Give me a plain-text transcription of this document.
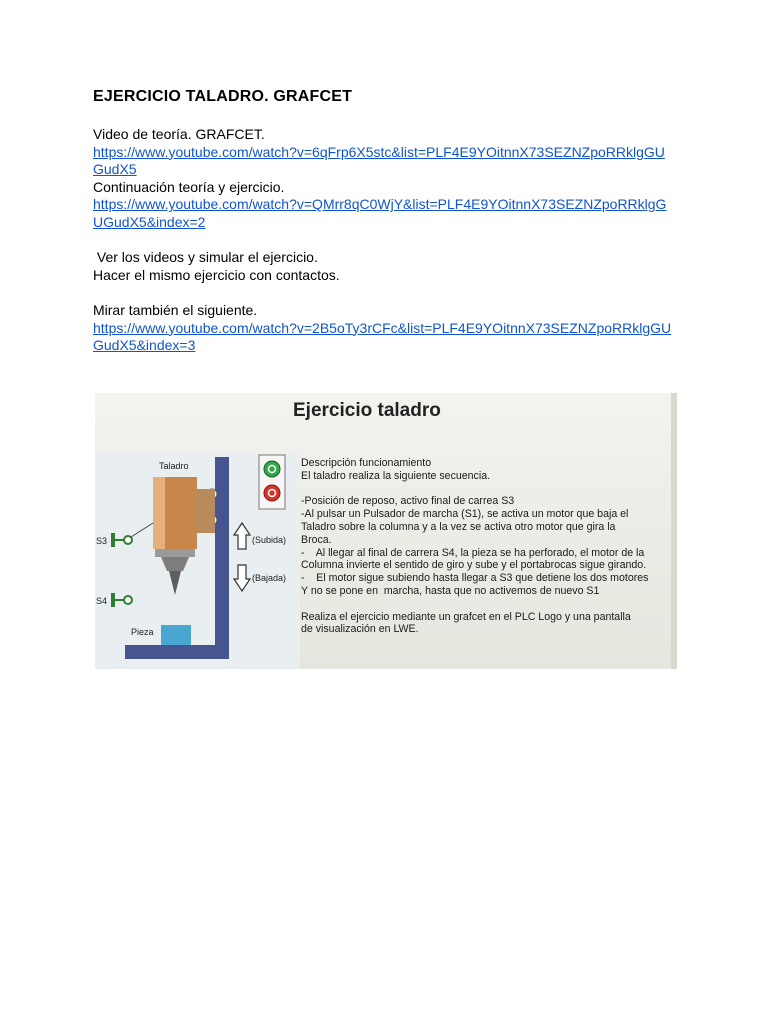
EJERCICIO TALADRO. GRAFCET

Video de teoría. GRAFCET.

https://www.youtube.com/watch?v=6qFrp6X5stc&list=PLF4E9YOitnnX73SEZNZpoRRklgGUGudX5

Continuación teoría y ejercicio.

https://www.youtube.com/watch?v=QMrr8qC0WjY&list=PLF4E9YOitnnX73SEZNZpoRRklgGUGudX5&index=2

Ver los videos y simular el ejercicio.

Hacer el mismo ejercicio con contactos.

Mirar también el siguiente.

https://www.youtube.com/watch?v=2B5oTy3rCFc&list=PLF4E9YOitnnX73SEZNZpoRRklgGUGudX5&index=3
Ejercicio taladro
Taladro
S3
S4
(Subida)
(Bajada)
Pieza
Descripción funcionamiento
El taladro realiza la siguiente secuencia.
-Posición de reposo, activo final de carrea S3
-Al pulsar un Pulsador de marcha (S1), se activa un motor que baja el
Taladro sobre la columna y a la vez se activa otro motor que gira la
Broca.
-    Al llegar al final de carrera S4, la pieza se ha perforado, el motor de la
Columna invierte el sentido de giro y sube y el portabrocas sigue girando.
-    El motor sigue subiendo hasta llegar a S3 que detiene los dos motores
Y no se pone en  marcha, hasta que no activemos de nuevo S1
Realiza el ejercicio mediante un grafcet en el PLC Logo y una pantalla
de visualización en LWE.
